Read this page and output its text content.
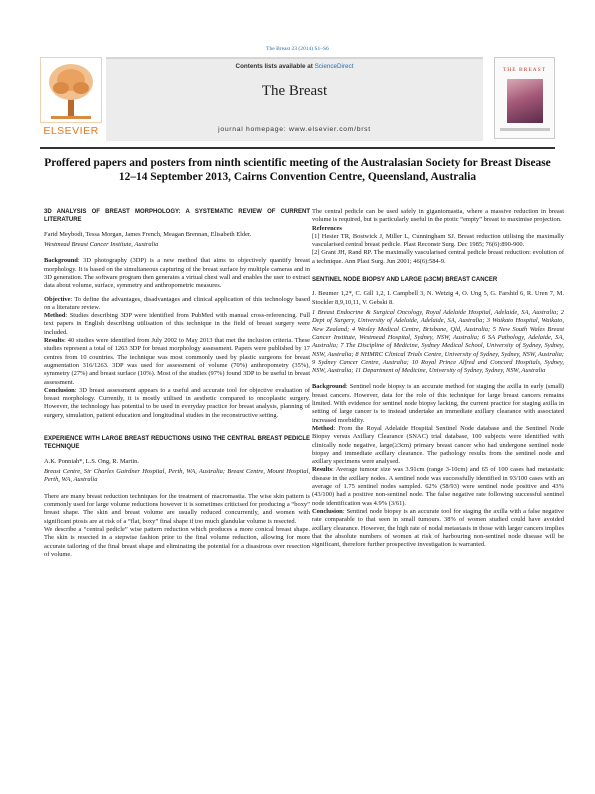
The Breast 23 (2014) S1–S6
ELSEVIER
Contents lists available at ScienceDirect
The Breast
journal homepage: www.elsevier.com/brst
THE BREAST
Proffered papers and posters from ninth scientific meeting of the Australasian Society for Breast Disease 12–14 September 2013, Cairns Convention Centre, Queensland, Australia

3D ANALYSIS OF BREAST MORPHOLOGY: A SYSTEMATIC REVIEW OF CURRENT LITERATURE

Farid Meybodi, Tessa Morgan, James French, Meagan Brennan, Elisabeth Elder.

Westmead Breast Cancer Institute, Australia

Background: 3D photography (3DP) is a new method that aims to objectively quantify breast morphology. It is based on the simultaneous capturing of the breast surface by multiple cameras and in 3D generation. The software program then generates a virtual chest wall and enables the user to extract data about volume, surface, symmetry and anthropometric measures.

Objective: To define the advantages, disadvantages and clinical application of this technology based on a literature review.

Method: Studies describing 3DP were identified from PubMed with manual cross-referencing. Full text papers in English describing utilisation of this technique in the field of breast surgery were included.

Results: 40 studies were identified from July 2002 to May 2013 that met the inclusion criteria. These studies represent a total of 1263 3DP for breast morphology assessment. Papers were published by 17 centres from 10 countries. The technique was most commonly used by plastic surgeons for breast augmentation 316/1263. 3DP was used for assessment of volume (70%) anthropometry (35%), symmetry (27%) and breast surface (10%). Most of the studies (97%) found 3DP to be useful in breast assessment.

Conclusion: 3D breast assessment appears to a useful and accurate tool for objective evaluation of breast morphology. Currently, it is mostly utilised in aesthetic compared to oncoplastic surgery. However, the technology has potential to be used in everyday practice for breast analysis, planning of surgery, simulation, patient education and longitudinal studies in the reconstructive setting.

EXPERIENCE WITH LARGE BREAST REDUCTIONS USING THE CENTRAL BREAST PEDICLE TECHNIQUE

A.K. Ponniah*, L.S. Ong, R. Martin.

Breast Centre, Sir Charles Gairdner Hospital, Perth, WA, Australia; Breast Centre, Mount Hospital, Perth, WA, Australia

There are many breast reduction techniques for the treatment of macromastia. The wise skin pattern is commonly used for large volume reductions however it is sometimes criticised for producing a “boxy” breast shape. The skin and breast volume are usually reduced concurrently, and women with significant ptosis are at risk of a “flat, boxy” final shape if too much glandular volume is resected.

We describe a “central pedicle” wise pattern reduction which produces a more conical breast shape. The skin is resected in a stepwise fashion prior to the final volume reduction, allowing for more accurate tailoring of the final breast shape and eliminating the potential for a disastrous over resection of volume.

The central pedicle can be used safely in gigantomastia, where a massive reduction in breast volume is required, but is particularly useful in the ptotic “empty” breast to maximise projection.

References

[1] Hester TR, Bostwick J, Miller L, Cunningham SJ. Breast reduction utilising the maximally vascularised central breast pedicle. Plast Reconstr Surg. Dec 1985; 76(6):890-900.

[2] Grant JH, Rand RP. The maximally vascularised central pedicle breast reduction: evolution of a technique. Ann Plast Surg. Jun 2001; 46(6):584-9.

SENTINEL NODE BIOPSY AND LARGE (≥3CM) BREAST CANCER

J. Beumer 1,2*, C. Gill 1,2, I. Campbell 3, N. Wetzig 4, O. Ung 5, G. Farshid 6, R. Uren 7, M. Stockler 8,9,10,11, V. Gebski 8.

1 Breast Endocrine & Surgical Oncology, Royal Adelaide Hospital, Adelaide, SA, Australia; 2 Dept of Surgery, University of Adelaide, Adelaide, SA, Australia; 3 Waikato Hospital, Waikato, New Zealand; 4 Wesley Medical Centre, Brisbane, Qld, Australia; 5 New South Wales Breast Cancer Institute, Westmead Hospital, Sydney, NSW, Australia; 6 SA Pathology, Adelaide, SA, Australia; 7 The Discipline of Medicine, Sydney Medical School, University of Sydney, Sydney, NSW, Australia; 8 NHMRC Clinical Trials Centre, University of Sydney, Sydney, NSW, Australia; 9 Sydney Cancer Centre, Australia; 10 Royal Prince Alfred and Concord Hospitals, Sydney, NSW, Australia; 11 Department of Medicine, University of Sydney, Sydney, NSW, Australia

Background: Sentinel node biopsy is an accurate method for staging the axilla in early (small) breast cancers. However, data for the role of this technique for large breast cancers remains limited. With evidence for sentinel node biopsy lacking, the current practice for staging axilla in setting of large cancer is to instead undertake an immediate axillary clearance with associated increased morbidity.

Method: From the Royal Adelaide Hospital Sentinel Node database and the Sentinel Node Biopsy versus Axillary Clearance (SNAC) trial database, 100 subjects were identified with clinically node negative, large(≥3cm) primary breast cancer who had undergone sentinel node biopsy and immediate axillary clearance. The pathology results from the sentinel node and axillary specimens were analysed.

Results: Average tumour size was 3.91cm (range 3-10cm) and 65 of 100 cases had metastatic disease in the axillary nodes. A sentinel node was successfully identified in 93/100 cases with an average of 1.75 sentinel nodes sampled. 62% (58/93) were sentinel node positive and 43% (43/100) had a positive non-sentinel node. The false negative rate following successful sentinel node identification was 4.9% (3/61).

Conclusion: Sentinel node biopsy is an accurate tool for staging the axilla with a false negative rate comparable to that seen in small tumours. 38% of women studied could have avoided axillary clearance. However, the high rate of nodal metastasis in those with larger cancers implies that the absolute numbers of women at risk of harbouring non-sentinel node disease will be significant, therefore further prospective investigation is warranted.
